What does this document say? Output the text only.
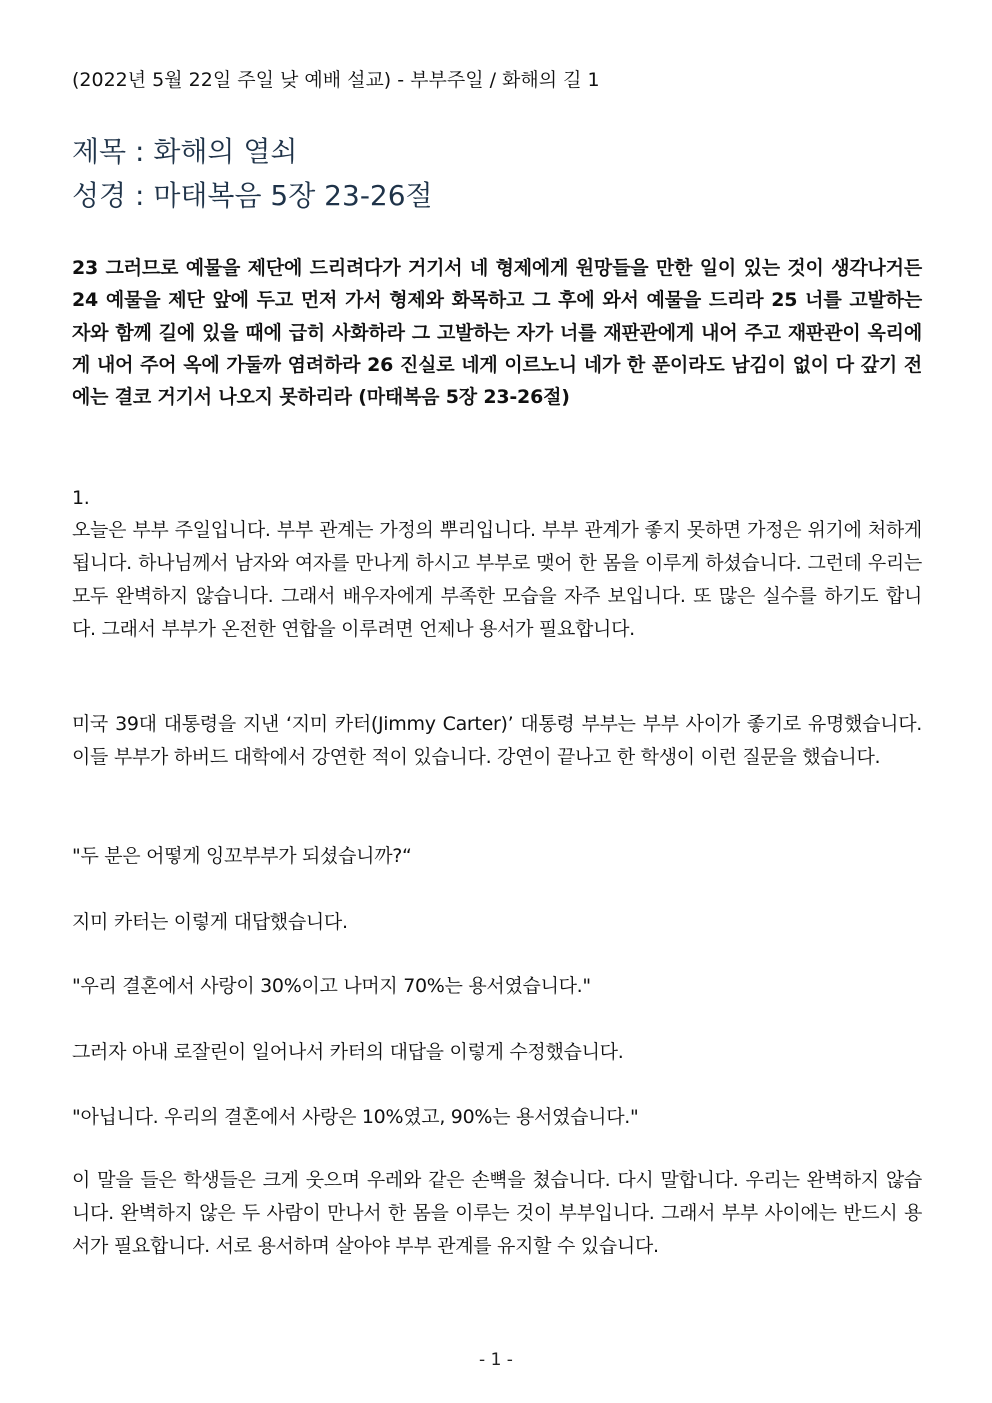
(2022년 5월 22일 주일 낮 예배 설교) - 부부주일 / 화해의 길 1
제목 : 화해의 열쇠
성경 : 마태복음 5장 23-26절
23 그러므로 예물을 제단에 드리려다가 거기서 네 형제에게 원망들을 만한 일이 있는 것이 생각나거든 24 예물을 제단 앞에 두고 먼저 가서 형제와 화목하고 그 후에 와서 예물을 드리라 25 너를 고발하는 자와 함께 길에 있을 때에 급히 사화하라 그 고발하는 자가 너를 재판관에게 내어 주고 재판관이 옥리에게 내어 주어 옥에 가둘까 염려하라 26 진실로 네게 이르노니 네가 한 푼이라도 남김이 없이 다 갚기 전에는 결코 거기서 나오지 못하리라 (마태복음 5장 23-26절)
1.
오늘은 부부 주일입니다. 부부 관계는 가정의 뿌리입니다. 부부 관계가 좋지 못하면 가정은 위기에 처하게 됩니다. 하나님께서 남자와 여자를 만나게 하시고 부부로 맺어 한 몸을 이루게 하셨습니다. 그런데 우리는 모두 완벽하지 않습니다. 그래서 배우자에게 부족한 모습을 자주 보입니다. 또 많은 실수를 하기도 합니다. 그래서 부부가 온전한 연합을 이루려면 언제나 용서가 필요합니다.
미국 39대 대통령을 지낸 ‘지미 카터(Jimmy Carter)’ 대통령 부부는 부부 사이가 좋기로 유명했습니다. 이들 부부가 하버드 대학에서 강연한 적이 있습니다. 강연이 끝나고 한 학생이 이런 질문을 했습니다.
"두 분은 어떻게 잉꼬부부가 되셨습니까?“
지미 카터는 이렇게 대답했습니다.
"우리 결혼에서 사랑이 30%이고 나머지 70%는 용서였습니다."
그러자 아내 로잘린이 일어나서 카터의 대답을 이렇게 수정했습니다.
"아닙니다. 우리의 결혼에서 사랑은 10%였고, 90%는 용서였습니다."
이 말을 들은 학생들은 크게 웃으며 우레와 같은 손뼉을 쳤습니다. 다시 말합니다. 우리는 완벽하지 않습니다. 완벽하지 않은 두 사람이 만나서 한 몸을 이루는 것이 부부입니다. 그래서 부부 사이에는 반드시 용서가 필요합니다. 서로 용서하며 살아야 부부 관계를 유지할 수 있습니다.
- 1 -
